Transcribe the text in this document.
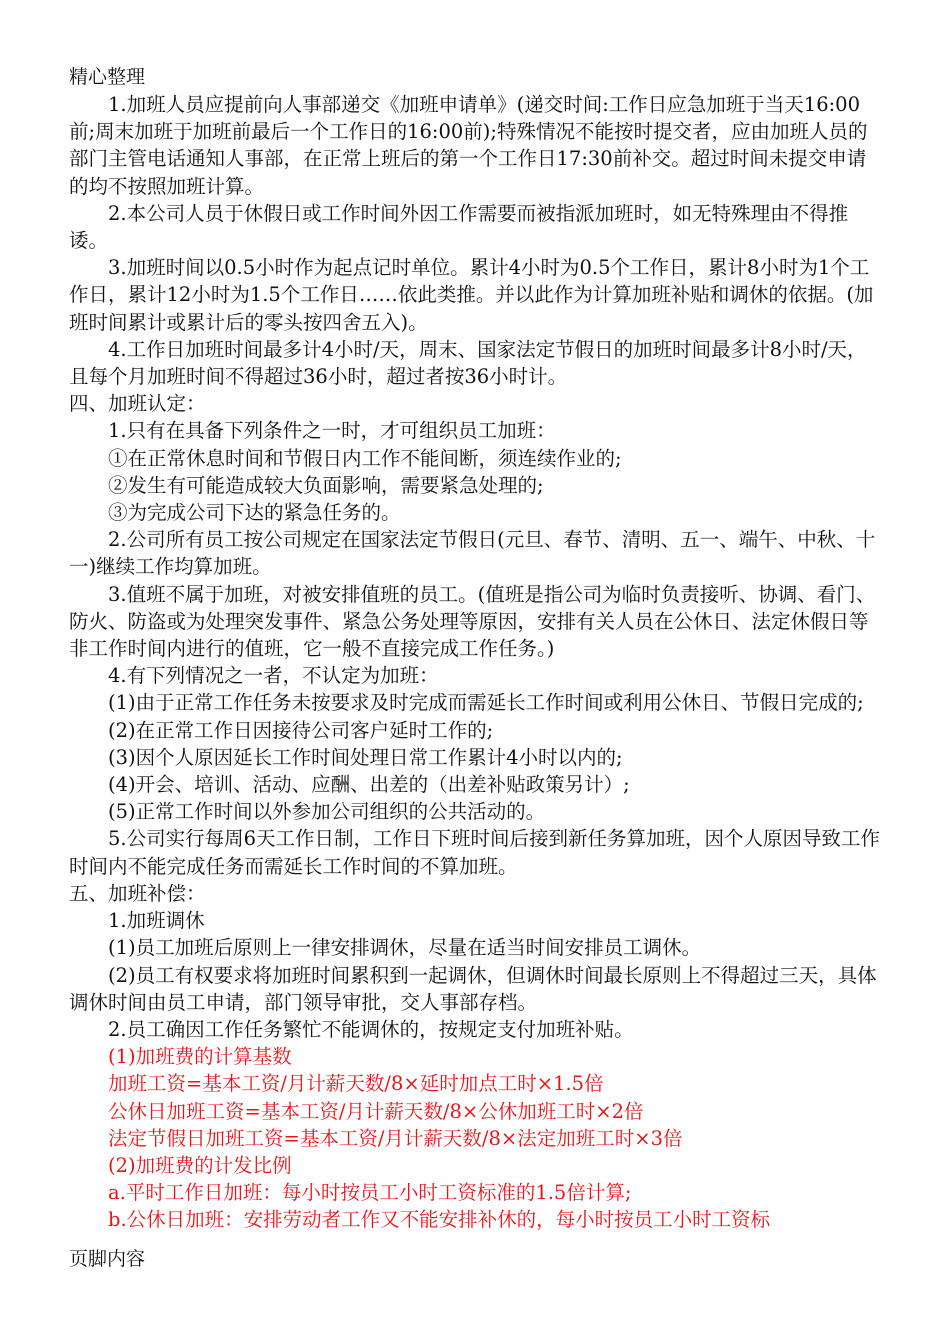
精心整理

1.加班人员应提前向人事部递交《加班申请单》(递交时间:工作日应急加班于当天16:00前;周末加班于加班前最后一个工作日的16:00前);特殊情况不能按时提交者，应由加班人员的部门主管电话通知人事部，在正常上班后的第一个工作日17:30前补交。超过时间未提交申请的均不按照加班计算。

2.本公司人员于休假日或工作时间外因工作需要而被指派加班时，如无特殊理由不得推诿。

3.加班时间以0.5小时作为起点记时单位。累计4小时为0.5个工作日，累计8小时为1个工作日，累计12小时为1.5个工作日……依此类推。并以此作为计算加班补贴和调休的依据。(加班时间累计或累计后的零头按四舍五入)。

4.工作日加班时间最多计4小时/天，周末、国家法定节假日的加班时间最多计8小时/天，且每个月加班时间不得超过36小时，超过者按36小时计。

四、加班认定：

1.只有在具备下列条件之一时，才可组织员工加班：

①在正常休息时间和节假日内工作不能间断，须连续作业的;

②发生有可能造成较大负面影响，需要紧急处理的;

③为完成公司下达的紧急任务的。

2.公司所有员工按公司规定在国家法定节假日(元旦、春节、清明、五一、端午、中秋、十一)继续工作均算加班。

3.值班不属于加班，对被安排值班的员工。(值班是指公司为临时负责接听、协调、看门、防火、防盗或为处理突发事件、紧急公务处理等原因，安排有关人员在公休日、法定休假日等非工作时间内进行的值班，它一般不直接完成工作任务。)

4.有下列情况之一者，不认定为加班：

(1)由于正常工作任务未按要求及时完成而需延长工作时间或利用公休日、节假日完成的;

(2)在正常工作日因接待公司客户延时工作的;

(3)因个人原因延长工作时间处理日常工作累计4小时以内的;

(4)开会、培训、活动、应酬、出差的（出差补贴政策另计）;

(5)正常工作时间以外参加公司组织的公共活动的。

5.公司实行每周6天工作日制，工作日下班时间后接到新任务算加班，因个人原因导致工作时间内不能完成任务而需延长工作时间的不算加班。

五、加班补偿：

1.加班调休

(1)员工加班后原则上一律安排调休，尽量在适当时间安排员工调休。

(2)员工有权要求将加班时间累积到一起调休，但调休时间最长原则上不得超过三天，具体调休时间由员工申请，部门领导审批，交人事部存档。

2.员工确因工作任务繁忙不能调休的，按规定支付加班补贴。

(1)加班费的计算基数

加班工资=基本工资/月计薪天数/8×延时加点工时×1.5倍

公休日加班工资=基本工资/月计薪天数/8×公休加班工时×2倍

法定节假日加班工资=基本工资/月计薪天数/8×法定加班工时×3倍

(2)加班费的计发比例

a.平时工作日加班：每小时按员工小时工资标准的1.5倍计算;

b.公休日加班：安排劳动者工作又不能安排补休的，每小时按员工小时工资标

页脚内容
